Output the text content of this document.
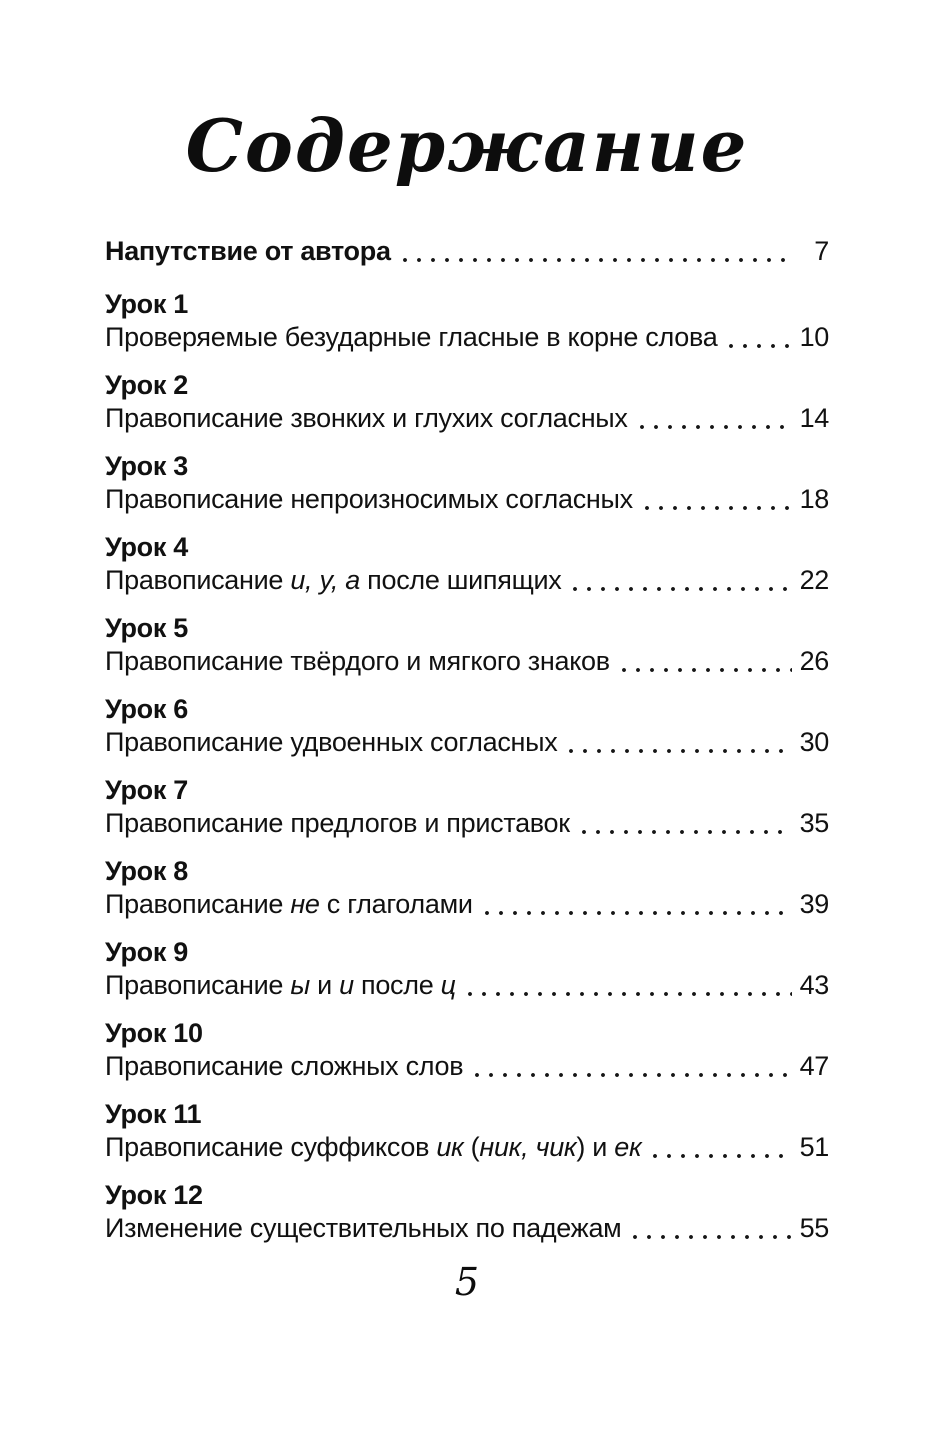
Содержание
Напутствие от автора	7
Урок 1
Проверяемые безударные гласные в корне слова	10
Урок 2
Правописание звонких и глухих согласных	14
Урок 3
Правописание непроизносимых согласных	18
Урок 4
Правописание и, у, а после шипящих	22
Урок 5
Правописание твёрдого и мягкого знаков	26
Урок 6
Правописание удвоенных согласных	30
Урок 7
Правописание предлогов и приставок	35
Урок 8
Правописание не с глаголами	39
Урок 9
Правописание ы и и после ц	43
Урок 10
Правописание сложных слов	47
Урок 11
Правописание суффиксов ик (ник, чик) и ек	51
Урок 12
Изменение существительных по падежам	55
5
